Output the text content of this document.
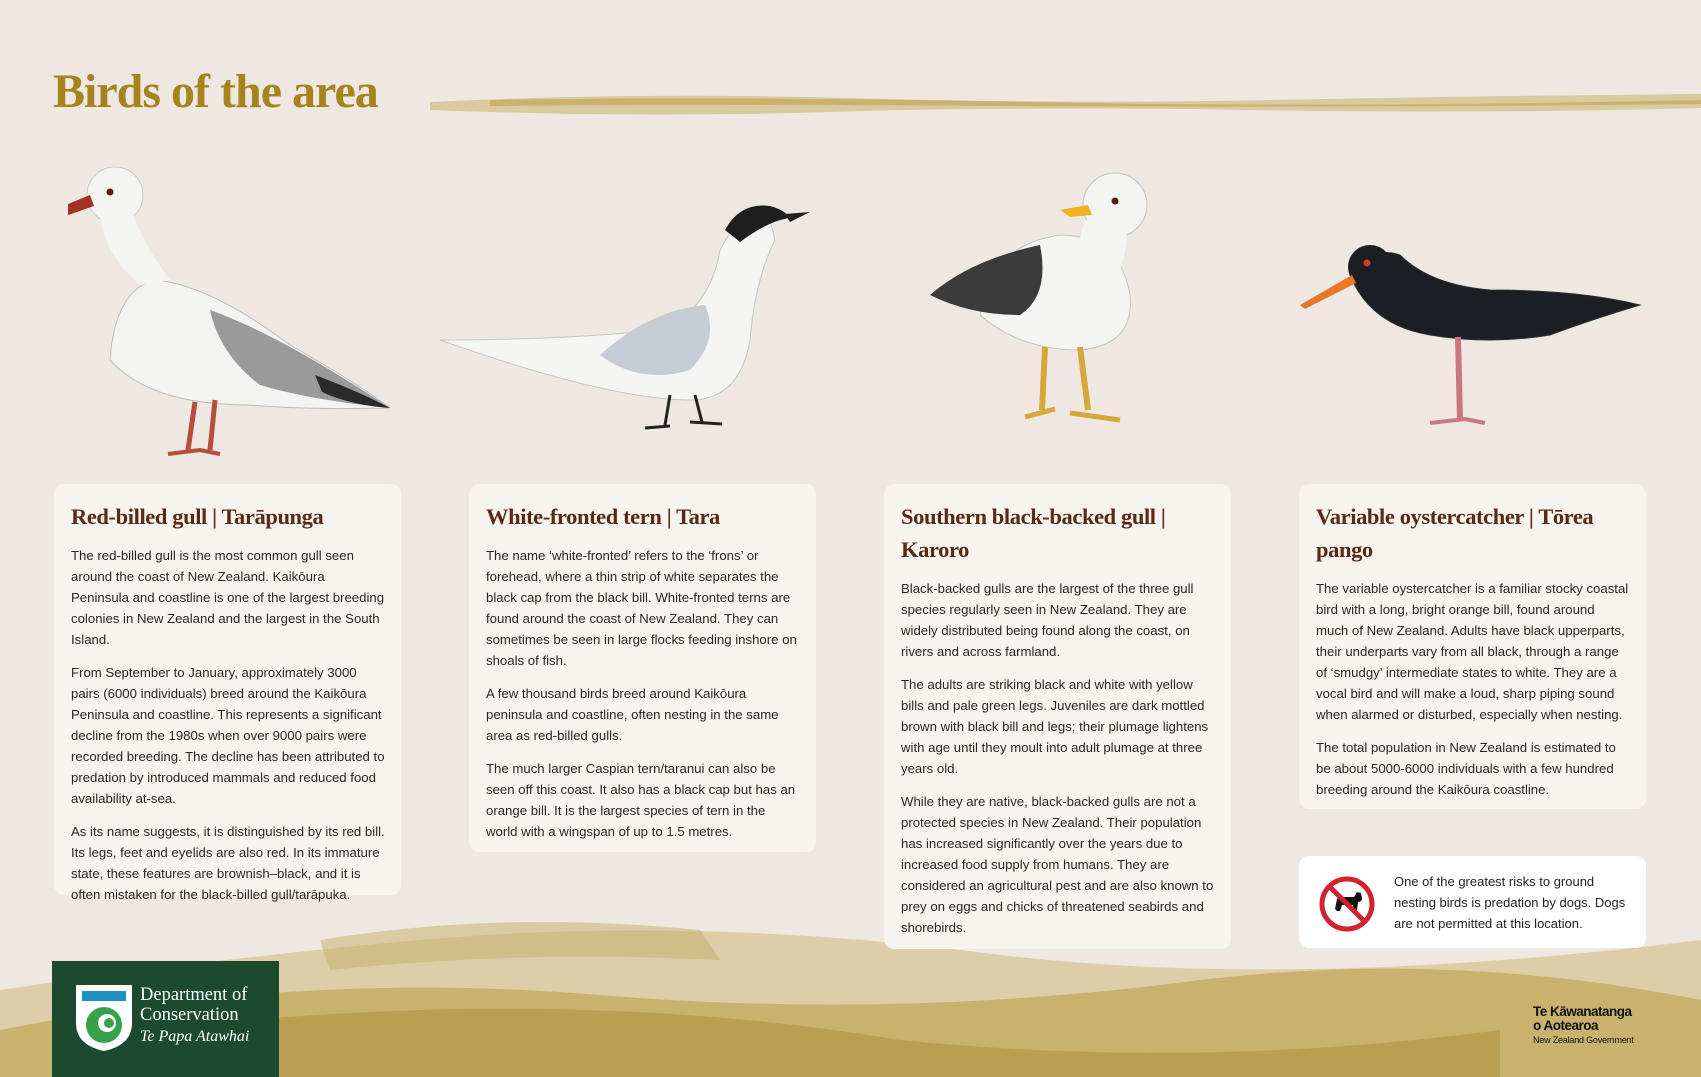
Birds of the area
Red-billed gull | Tarāpunga

The red-billed gull is the most common gull seen around the coast of New Zealand. Kaikōura Peninsula and coastline is one of the largest breeding colonies in New Zealand and the largest in the South Island.

From September to January, approximately 3000 pairs (6000 individuals) breed around the Kaikōura Peninsula and coastline. This represents a significant decline from the 1980s when over 9000 pairs were recorded breeding. The decline has been attributed to predation by introduced mammals and reduced food availability at-sea.

As its name suggests, it is distinguished by its red bill. Its legs, feet and eyelids are also red. In its immature state, these features are brownish–black, and it is often mistaken for the black-billed gull/tarāpuka.

White-fronted tern | Tara

The name ‘white-fronted’ refers to the ‘frons’ or forehead, where a thin strip of white separates the black cap from the black bill. White-fronted terns are found around the coast of New Zealand. They can sometimes be seen in large flocks feeding inshore on shoals of fish.

A few thousand birds breed around Kaikōura peninsula and coastline, often nesting in the same area as red-billed gulls.

The much larger Caspian tern/taranui can also be seen off this coast. It also has a black cap but has an orange bill. It is the largest species of tern in the world with a wingspan of up to 1.5 metres.

Southern black-backed gull | Karoro

Black-backed gulls are the largest of the three gull species regularly seen in New Zealand. They are widely distributed being found along the coast, on rivers and across farmland.

The adults are striking black and white with yellow bills and pale green legs. Juveniles are dark mottled brown with black bill and legs; their plumage lightens with age until they moult into adult plumage at three years old.

While they are native, black-backed gulls are not a protected species in New Zealand. Their population has increased significantly over the years due to increased food supply from humans. They are considered an agricultural pest and are also known to prey on eggs and chicks of threatened seabirds and shorebirds.

Variable oystercatcher | Tōrea pango

The variable oystercatcher is a familiar stocky coastal bird with a long, bright orange bill, found around much of New Zealand. Adults have black upperparts, their underparts vary from all black, through a range of ‘smudgy’ intermediate states to white. They are a vocal bird and will make a loud, sharp piping sound when alarmed or disturbed, especially when nesting.

The total population in New Zealand is estimated to be about 5000-6000 individuals with a few hundred breeding around the Kaikōura coastline.

One of the greatest risks to ground nesting birds is predation by dogs. Dogs are not permitted at this location.

Department of
Conservation
Te Papa Atawhai
Te Kāwanatanga
o Aotearoa
New Zealand Government
